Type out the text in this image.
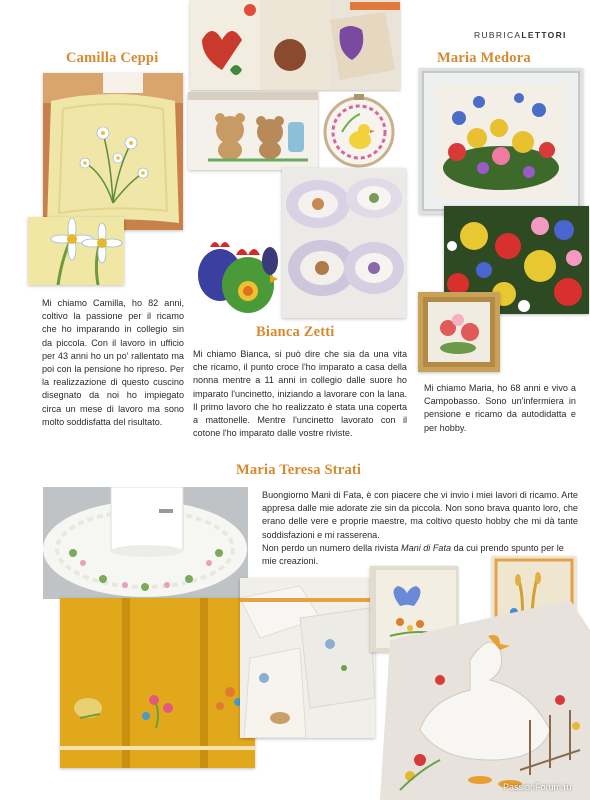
RUBRICALETTORI
Camilla Ceppi
Mi chiamo Camilla, ho 82 anni, coltivo la passione per il ricamo che ho imparando in collegio sin da piccola. Con il lavoro in ufficio per 43 anni ho un po' rallentato ma poi con la pensione ho ripreso. Per la realizzazione di questo cuscino disegnato da noi ho impiegato circa un mese di lavoro ma sono molto soddisfatta del risultato.
Bianca Zetti
Mi chiamo Bianca, si può dire che sia da una vita che ricamo, il punto croce l'ho imparato a casa della nonna mentre a 11 anni in collegio dalle suore ho imparato l'uncinetto, iniziando a lavorare con la lana. Il primo lavoro che ho realizzato è stata una coperta a mattonelle. Mentre l'uncinetto lavorato con il cotone l'ho imparato dalle vostre riviste.
Maria Medora
Mi chiamo Maria, ho 68 anni e vivo a Campobasso. Sono un'infermiera in pensione e ricamo da autodidatta e per hobby.
Maria Teresa Strati

Buongiorno Mani di Fata, è con piacere che vi invio i miei lavori di ricamo. Arte appresa dalle mie adorate zie sin da piccola. Non sono brava quanto loro, che erano delle vere e proprie maestre, ma coltivo questo hobby che mi dà tante soddisfazioni e mi rasserena.

Non perdo un numero della rivista Mani di Fata da cui prendo spunto per le mie creazioni.

PassionForum.ru
